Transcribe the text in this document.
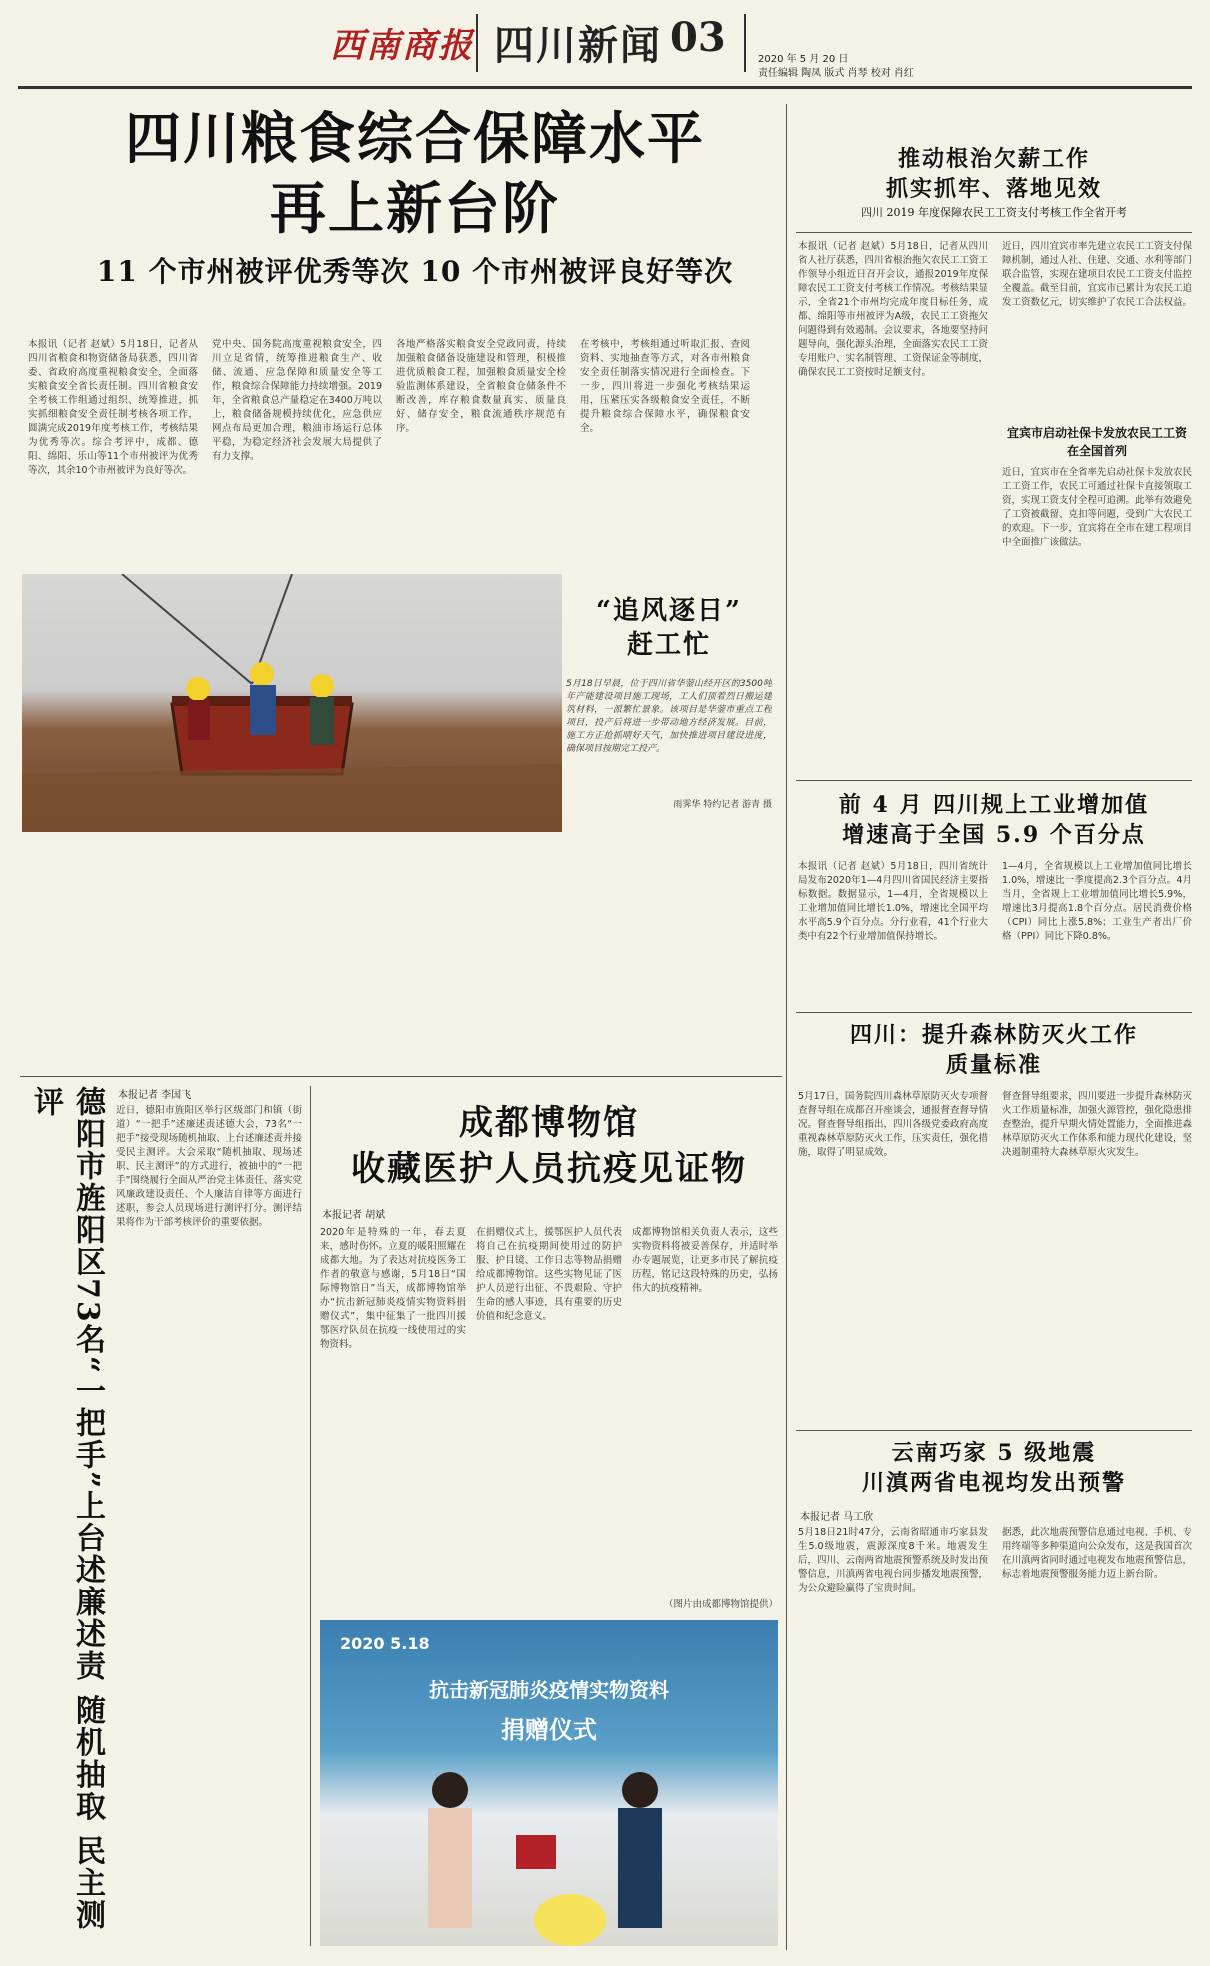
西南商报 四川新闻 03	2020 年 5 月 20 日
责任编辑 陶凤 版式 肖琴 校对 肖红
四川粮食综合保障水平
再上新台阶
11 个市州被评优秀等次 10 个市州被评良好等次
本报讯（记者 赵斌）5月18日，记者从四川省粮食和物资储备局获悉，四川省委、省政府高度重视粮食安全，全面落实粮食安全省长责任制。四川省粮食安全考核工作组通过组织、统筹推进，抓实抓细粮食安全责任制考核各项工作，圆满完成2019年度考核工作，考核结果为优秀等次。综合考评中，成都、德阳、绵阳、乐山等11个市州被评为优秀等次，其余10个市州被评为良好等次。
党中央、国务院高度重视粮食安全，四川立足省情，统筹推进粮食生产、收储、流通、应急保障和质量安全等工作，粮食综合保障能力持续增强。2019年，全省粮食总产量稳定在3400万吨以上，粮食储备规模持续优化，应急供应网点布局更加合理，粮油市场运行总体平稳，为稳定经济社会发展大局提供了有力支撑。
各地严格落实粮食安全党政同责，持续加强粮食储备设施建设和管理，积极推进优质粮食工程，加强粮食质量安全检验监测体系建设，全省粮食仓储条件不断改善，库存粮食数量真实、质量良好、储存安全，粮食流通秩序规范有序。
在考核中，考核组通过听取汇报、查阅资料、实地抽查等方式，对各市州粮食安全责任制落实情况进行全面检查。下一步，四川将进一步强化考核结果运用，压紧压实各级粮食安全责任，不断提升粮食综合保障水平，确保粮食安全。
“追风逐日”
赶工忙
5月18日早晨，位于四川省华蓥山经开区的3500吨年产能建设项目施工现场，工人们顶着烈日搬运建筑材料，一派繁忙景象。该项目是华蓥市重点工程项目，投产后将进一步带动地方经济发展。目前，施工方正抢抓晴好天气，加快推进项目建设进度，确保项目按期完工投产。
雨霁华 特约记者 游青 摄
推动根治欠薪工作
抓实抓牢、落地见效
四川 2019 年度保障农民工工资支付考核工作全省开考
本报讯（记者 赵斌）5月18日，记者从四川省人社厅获悉，四川省根治拖欠农民工工资工作领导小组近日召开会议，通报2019年度保障农民工工资支付考核工作情况。考核结果显示，全省21个市州均完成年度目标任务，成都、绵阳等市州被评为A级，农民工工资拖欠问题得到有效遏制。会议要求，各地要坚持问题导向，强化源头治理，全面落实农民工工资专用账户、实名制管理、工资保证金等制度，确保农民工工资按时足额支付。
近日，四川宜宾市率先建立农民工工资支付保障机制，通过人社、住建、交通、水利等部门联合监管，实现在建项目农民工工资支付监控全覆盖。截至目前，宜宾市已累计为农民工追发工资数亿元，切实维护了农民工合法权益。
宜宾市启动社保卡发放农民工工资在全国首列
近日，宜宾市在全省率先启动社保卡发放农民工工资工作，农民工可通过社保卡直接领取工资，实现工资支付全程可追溯。此举有效避免了工资被截留、克扣等问题，受到广大农民工的欢迎。下一步，宜宾将在全市在建工程项目中全面推广该做法。
前 4 月 四川规上工业增加值
增速高于全国 5.9 个百分点
本报讯（记者 赵斌）5月18日，四川省统计局发布2020年1—4月四川省国民经济主要指标数据。数据显示，1—4月，全省规模以上工业增加值同比增长1.0%，增速比全国平均水平高5.9个百分点。分行业看，41个行业大类中有22个行业增加值保持增长。
1—4月，全省规模以上工业增加值同比增长1.0%，增速比一季度提高2.3个百分点。4月当月，全省规上工业增加值同比增长5.9%，增速比3月提高1.8个百分点。居民消费价格（CPI）同比上涨5.8%；工业生产者出厂价格（PPI）同比下降0.8%。
四川：提升森林防灭火工作
质量标准
5月17日，国务院四川森林草原防灭火专项督查督导组在成都召开座谈会，通报督查督导情况。督查督导组指出，四川各级党委政府高度重视森林草原防灭火工作，压实责任，强化措施，取得了明显成效。
督查督导组要求，四川要进一步提升森林防灭火工作质量标准，加强火源管控，强化隐患排查整治，提升早期火情处置能力，全面推进森林草原防灭火工作体系和能力现代化建设，坚决遏制重特大森林草原火灾发生。
云南巧家 5 级地震
川滇两省电视均发出预警
本报记者 马工欣
5月18日21时47分，云南省昭通市巧家县发生5.0级地震，震源深度8千米。地震发生后，四川、云南两省地震预警系统及时发出预警信息，川滇两省电视台同步播发地震预警，为公众避险赢得了宝贵时间。
据悉，此次地震预警信息通过电视、手机、专用终端等多种渠道向公众发布，这是我国首次在川滇两省同时通过电视发布地震预警信息，标志着地震预警服务能力迈上新台阶。
德阳市旌阳区73名“一把手”上台述廉述责 随机抽取 民主测评	本报记者 李国飞
近日，德阳市旌阳区举行区级部门和镇（街道）“一把手”述廉述责述德大会，73名“一把手”接受现场随机抽取、上台述廉述责并接受民主测评。大会采取“随机抽取、现场述职、民主测评”的方式进行，被抽中的“一把手”围绕履行全面从严治党主体责任、落实党风廉政建设责任、个人廉洁自律等方面进行述职，参会人员现场进行测评打分。测评结果将作为干部考核评价的重要依据。
成都博物馆
收藏医护人员抗疫见证物
本报记者 胡斌
2020年是特殊的一年，春去夏来，感时伤怀。立夏的暖阳照耀在成都大地。为了表达对抗疫医务工作者的敬意与感谢，5月18日“国际博物馆日”当天，成都博物馆举办“抗击新冠肺炎疫情实物资料捐赠仪式”，集中征集了一批四川援鄂医疗队员在抗疫一线使用过的实物资料。
在捐赠仪式上，援鄂医护人员代表将自己在抗疫期间使用过的防护服、护目镜、工作日志等物品捐赠给成都博物馆。这些实物见证了医护人员逆行出征、不畏艰险、守护生命的感人事迹，具有重要的历史价值和纪念意义。
成都博物馆相关负责人表示，这些实物资料将被妥善保存，并适时举办专题展览，让更多市民了解抗疫历程，铭记这段特殊的历史，弘扬伟大的抗疫精神。
（图片由成都博物馆提供）
2020 5.18
抗击新冠肺炎疫情实物资料
捐赠仪式
